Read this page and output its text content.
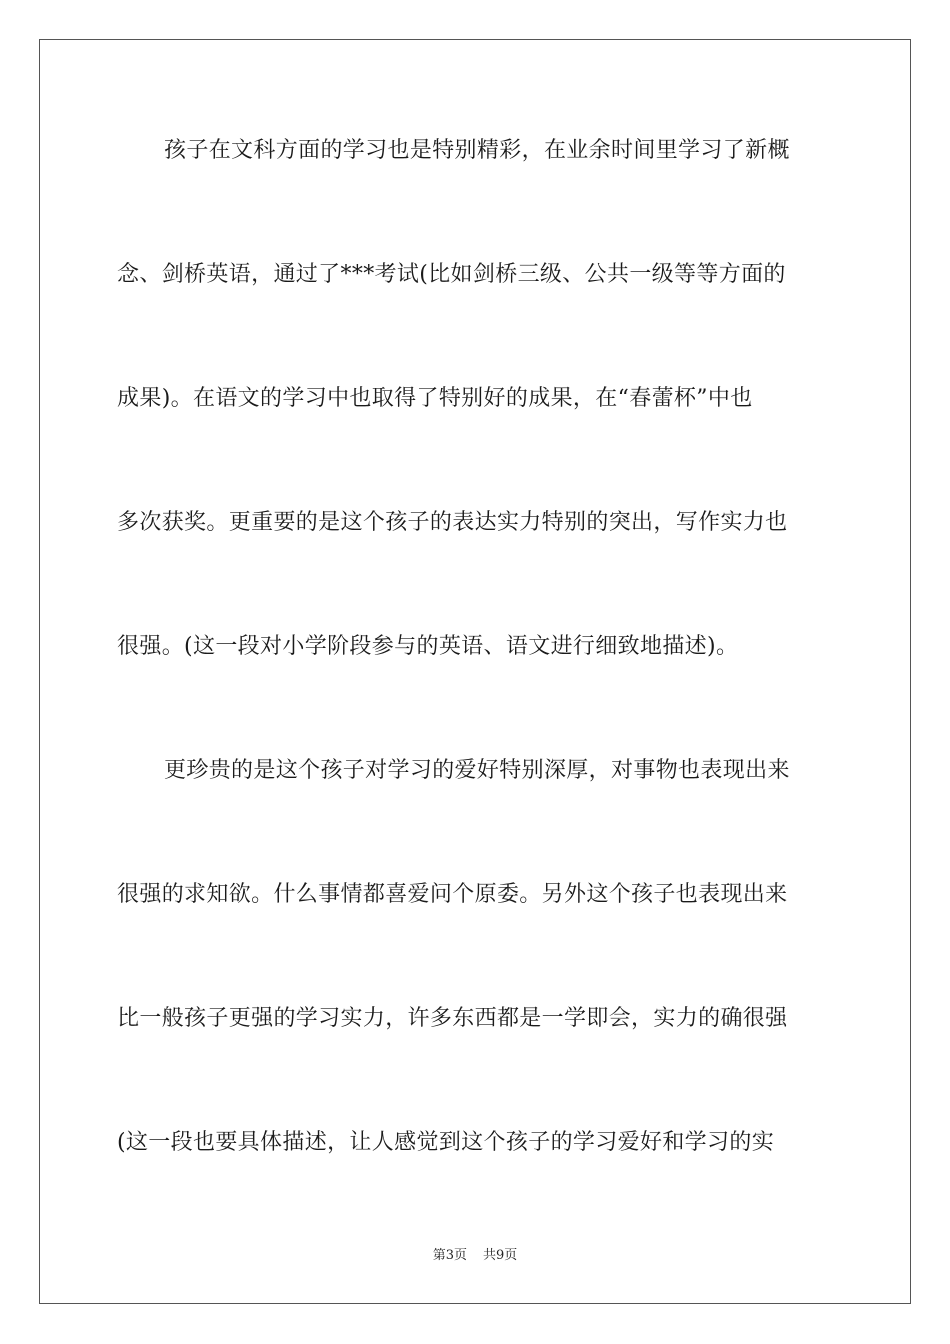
孩子在文科方面的学习也是特别精彩，在业余时间里学习了新概
念、剑桥英语，通过了***考试(比如剑桥三级、公共一级等等方面的
成果)。在语文的学习中也取得了特别好的成果，在“春蕾杯”中也
多次获奖。更重要的是这个孩子的表达实力特别的突出，写作实力也
很强。(这一段对小学阶段参与的英语、语文进行细致地描述)。
更珍贵的是这个孩子对学习的爱好特别深厚，对事物也表现出来
很强的求知欲。什么事情都喜爱问个原委。另外这个孩子也表现出来
比一般孩子更强的学习实力，许多东西都是一学即会，实力的确很强
(这一段也要具体描述，让人感觉到这个孩子的学习爱好和学习的实
第3页 共9页
